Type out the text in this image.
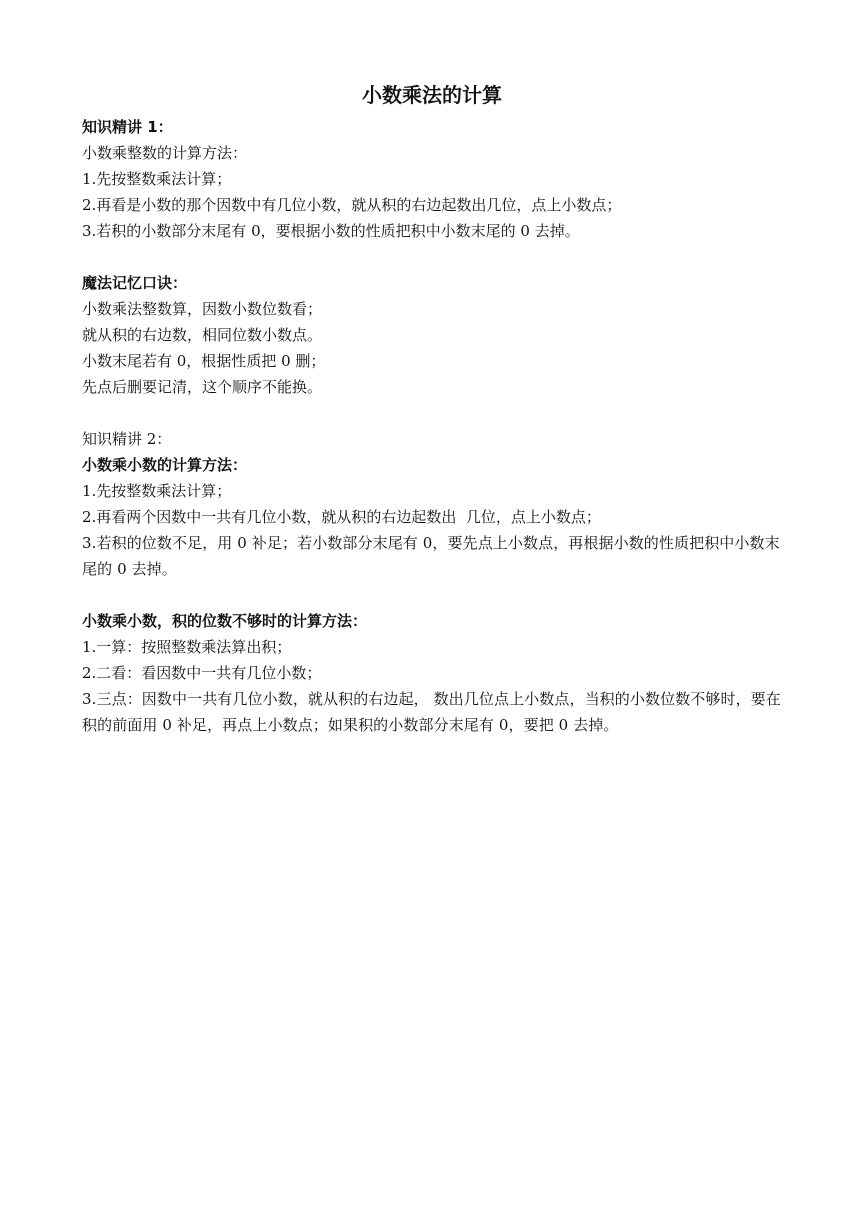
小数乘法的计算
知识精讲 1：
小数乘整数的计算方法：
1.先按整数乘法计算；
2.再看是小数的那个因数中有几位小数，就从积的右边起数出几位，点上小数点；
3.若积的小数部分末尾有 0，要根据小数的性质把积中小数末尾的 0 去掉。
魔法记忆口诀：
小数乘法整数算，因数小数位数看；
就从积的右边数，相同位数小数点。
小数末尾若有 0，根据性质把 0 删；
先点后删要记清，这个顺序不能换。
知识精讲 2：
小数乘小数的计算方法：
1.先按整数乘法计算；
2.再看两个因数中一共有几位小数，就从积的右边起数出  几位，点上小数点；
3.若积的位数不足，用 0 补足；若小数部分末尾有 0，要先点上小数点，再根据小数的性质把积中小数末尾的 0 去掉。
小数乘小数，积的位数不够时的计算方法：
1.一算：按照整数乘法算出积；
2.二看：看因数中一共有几位小数；
3.三点：因数中一共有几位小数，就从积的右边起， 数出几位点上小数点，当积的小数位数不够时，要在积的前面用 0 补足，再点上小数点；如果积的小数部分末尾有 0，要把 0 去掉。
